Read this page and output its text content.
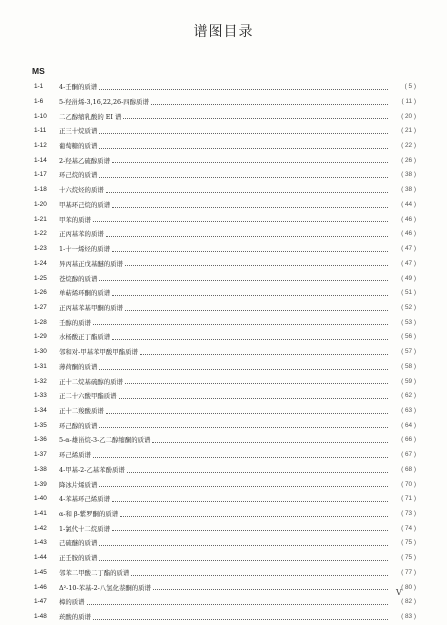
谱图目录
MS
1-1	4-壬酮的质谱	( 5 )
1-6	5-羟甾烯-3,16,22,26-四醇质谱	( 11 )
1-10	二乙醇缩乳酸的 EI 谱	( 20 )
1-11	正三十烷质谱	( 21 )
1-12	葡萄糖的质谱	( 22 )
1-14	2-羟基乙硫醇质谱	( 26 )
1-17	环己烷的质谱	( 38 )
1-18	十六烷烃的质谱	( 38 )
1-20	甲基环己烷的质谱	( 44 )
1-21	甲苯的质谱	( 46 )
1-22	正丙基苯的质谱	( 46 )
1-23	1-十一烯烃的质谱	( 47 )
1-24	异丙基正戊基醚的质谱	( 47 )
1-25	苍烷醇的质谱	( 49 )
1-26	单萜烯环酮的质谱	( 51 )
1-27	正丙基苯基甲酮的质谱	( 52 )
1-28	壬醇的质谱	( 53 )
1-29	水杨酸正丁酯质谱	( 56 )
1-30	邻和对-甲基苯甲酸甲酯质谱	( 57 )
1-31	薄荷酮的质谱	( 58 )
1-32	正十二烷基硫醇的质谱	( 59 )
1-33	正二十六酸甲酯质谱	( 62 )
1-34	正十二羧酸质谱	( 63 )
1-35	环己醇的质谱	( 64 )
1-36	5-α-雄甾烷-3-乙二醇缩酮的质谱	( 66 )
1-37	环己烯质谱	( 67 )
1-38	4-甲基-2-乙基苯酚质谱	( 68 )
1-39	降冰片烯质谱	( 70 )
1-40	4-苯基环己烯质谱	( 71 )
1-41	α-和 β-紫罗酮的质谱	( 73 )
1-42	1-氯代十二烷质谱	( 74 )
1-43	己硫醚的质谱	( 75 )
1-44	正壬胺的质谱	( 75 )
1-45	邻苯二甲酸二丁酯的质谱	( 77 )
1-46	Δ²-10-苯基-2-八氢化萘酮的质谱	( 80 )
1-47	樟的质谱	( 82 )
1-48	莰酸的质谱	( 83 )
V
